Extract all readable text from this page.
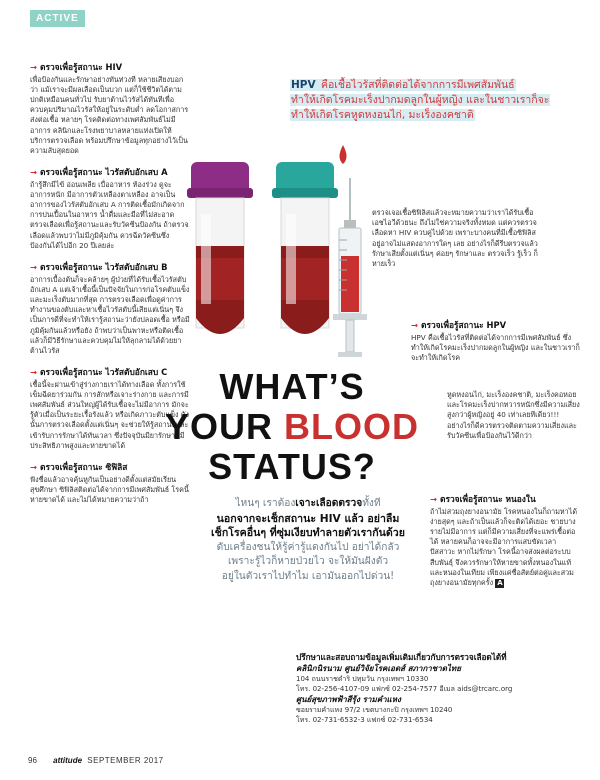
ACTIVE
→ ตรวจเพื่อรู้สถานะ HIV

เพื่อป้องกันและรักษาอย่างทันท่วงที หลายเสียงบอกว่า แม้เราจะมีผลเลือดเป็นบวก แต่ก็ใช้ชีวิตได้ตามปกติเหมือนคนทั่วไป รับยาต้านไวรัสได้ทันทีเพื่อควบคุมปริมาณไวรัสให้อยู่ในระดับต่ำ ลดโอกาสการส่งต่อเชื้อ หลายๆ โรคติดต่อทางเพศสัมพันธ์ไม่มีอาการ คลินิกและโรงพยาบาลหลายแห่งเปิดให้บริการตรวจเลือด พร้อมปรึกษาข้อมูลทุกอย่างไว้เป็นความลับสุดยอด

→ ตรวจเพื่อรู้สถานะ ไวรัสตับอักเสบ A

ถ้ารู้สึกมีไข้ อ่อนเพลีย เบื่ออาหาร ท้องร่วง ดูจะอาการหนัก มีอาการตัวเหลืองตาเหลือง อาจเป็นอาการของไวรัสตับอักเสบ A การติดเชื้อมักเกิดจากการปนเปื้อนในอาหาร น้ำดื่มและมือที่ไม่สะอาด ตรวจเลือดเพื่อรู้สถานะและรับวัคซีนป้องกัน ถ้าตรวจเลือดแล้วพบว่าไม่มีภูมิคุ้มกัน ควรฉีดวัคซีนซึ่งป้องกันได้ไปอีก 20 ปีเลยล่ะ

→ ตรวจเพื่อรู้สถานะ ไวรัสตับอักเสบ B

อาการเบื้องต้นก็จะคล้ายๆ ผู้ป่วยที่ได้รับเชื้อไวรัสตับอักเสบ A แต่เจ้าเชื้อนี้เป็นปัจจัยในการก่อโรคตับแข็งและมะเร็งตับมากที่สุด การตรวจเลือดเพื่อดูค่าการทำงานของตับและหาเชื้อไวรัสตับนี้เสียแต่เนิ่นๆ จึงเป็นการดีที่จะทำให้เรารู้สถานะว่ายังปลอดเชื้อ หรือมีภูมิคุ้มกันแล้วหรือยัง ถ้าพบว่าเป็นพาหะหรือติดเชื้อแล้วก็มีวิธีรักษาและควบคุมไม่ให้ลุกลามได้ด้วยยาต้านไวรัส

→ ตรวจเพื่อรู้สถานะ ไวรัสตับอักเสบ C

เชื้อนี้จะผ่านเข้าสู่ร่างกายเราได้ทางเลือด ทั้งการใช้เข็มฉีดยาร่วมกัน การสักหรือเจาะร่างกาย และการมีเพศสัมพันธ์ ส่วนใหญ่ผู้ได้รับเชื้อจะไม่มีอาการ มักจะรู้ตัวเมื่อเป็นระยะเรื้อรังแล้ว หรือเกิดภาวะตับแข็ง ดังนั้นการตรวจเลือดตั้งแต่เนิ่นๆ จะช่วยให้รู้สถานะและเข้ารับการรักษาได้ทันเวลา ซึ่งปัจจุบันมียารักษาที่มีประสิทธิภาพสูงและหายขาดได้

→ ตรวจเพื่อรู้สถานะ ซิฟิลิส

ฟังชื่อแล้วอาจคุ้นหูกันเป็นอย่างดีตั้งแต่สมัยเรียนสุขศึกษา ซิฟิลิสติดต่อได้จากการมีเพศสัมพันธ์ โรคนี้หายขาดได้ และไม่ได้หมายความว่าถ้า

HPV คือเชื้อไวรัสที่ติดต่อได้จากการมีเพศสัมพันธ์
ทำให้เกิดโรคมะเร็งปากมดลูกในผู้หญิง และในชาวเราก็จะ
ทำให้เกิดโรคหูดหงอนไก่, มะเร็งองคชาติ
ตรวจเจอเชื้อซิฟิลิสแล้วจะหมายความว่าเราได้รับเชื้อเอชไอวีด้วยนะ ถึงไม่ใช่ความจริงทั้งหมด แต่ควรตรวจเลือดหา HIV ควบคู่ไปด้วย เพราะบางคนที่มีเชื้อซิฟิลิสอยู่อาจไม่แสดงอาการใดๆ เลย อย่างไรก็ดีรีบตรวจแล้วรักษาเสียตั้งแต่เนิ่นๆ ค่อยๆ รักษาและ ตรวจเร็ว รู้เร็ว ก็หายเร็ว
→ ตรวจเพื่อรู้สถานะ HPV

HPV คือเชื้อไวรัสที่ติดต่อได้จากการมีเพศสัมพันธ์ ซึ่งทำให้เกิดโรคมะเร็งปากมดลูกในผู้หญิง และในชาวเราก็จะทำให้เกิดโรค

หูดหงอนไก่, มะเร็งองคชาติ, มะเร็งคอหอย และโรคมะเร็งปากทวารหนักซึ่งมีความเสี่ยงสูงกว่าผู้หญิงอยู่ 40 เท่าเลยทีเดียว!!! อย่างไรก็ดีควรตรวจติดตามความเสี่ยงและรับวัคซีนเพื่อป้องกันไว้ดีกว่า
→ ตรวจเพื่อรู้สถานะ หนองใน

ถ้าไม่สวมถุงยางอนามัย โรคหนองในก็ถามหาได้ง่ายสุดๆ และถ้าเป็นแล้วก็จะติดได้เยอะ ชายบางรายไม่มีอาการ แต่ก็มีความเสี่ยงที่จะแพร่เชื้อต่อได้ หลายคนก็อาจจะมีอาการแสบขัดเวลาปัสสาวะ หากไม่รักษา โรคนี้อาจส่งผลต่อระบบสืบพันธุ์ จึงควรรักษาให้หายขาดทั้งหนองในแท้และหนองในเทียม เพียงแค่ซื่อสัตย์ต่อคู่และสวมถุงยางอนามัยทุกครั้ง A

WHAT’S
YOUR BLOOD
STATUS?
ไหนๆ เราต้องเจาะเลือดตรวจทั้งที
นอกจากจะเช็กสถานะ HIV แล้ว อย่าลืม
เช็กโรคอื่นๆ ที่ซุ่มเงียบทำลายตัวเรากันด้วย
ดับเครื่องชนให้รู้ค่ารู้แดงกันไป อย่าได้กลัว
เพราะรู้ไวก็หายป่วยไว จะให้มันฝังตัว
อยู่ในตัวเราไปทำไม เอามันออกไปด่วน!

ปรึกษาและสอบถามข้อมูลเพิ่มเติมเกี่ยวกับการตรวจเลือดได้ที่

คลินิกนิรนาม ศูนย์วิจัยโรคเอดส์ สภากาชาดไทย

104 ถนนราชดำริ ปทุมวัน กรุงเทพฯ 10330

โทร. 02-256-4107-09 แฟกซ์ 02-254-7577 อีเมล aids@trcarc.org

ศูนย์สุขภาพฟ้าสีรุ้ง รามคำแหง

ซอยรามคำแหง 97/2 เขตบางกะปิ กรุงเทพฯ 10240

โทร. 02-731-6532-3 แฟกซ์ 02-731-6534

96 attitude SEPTEMBER 2017
